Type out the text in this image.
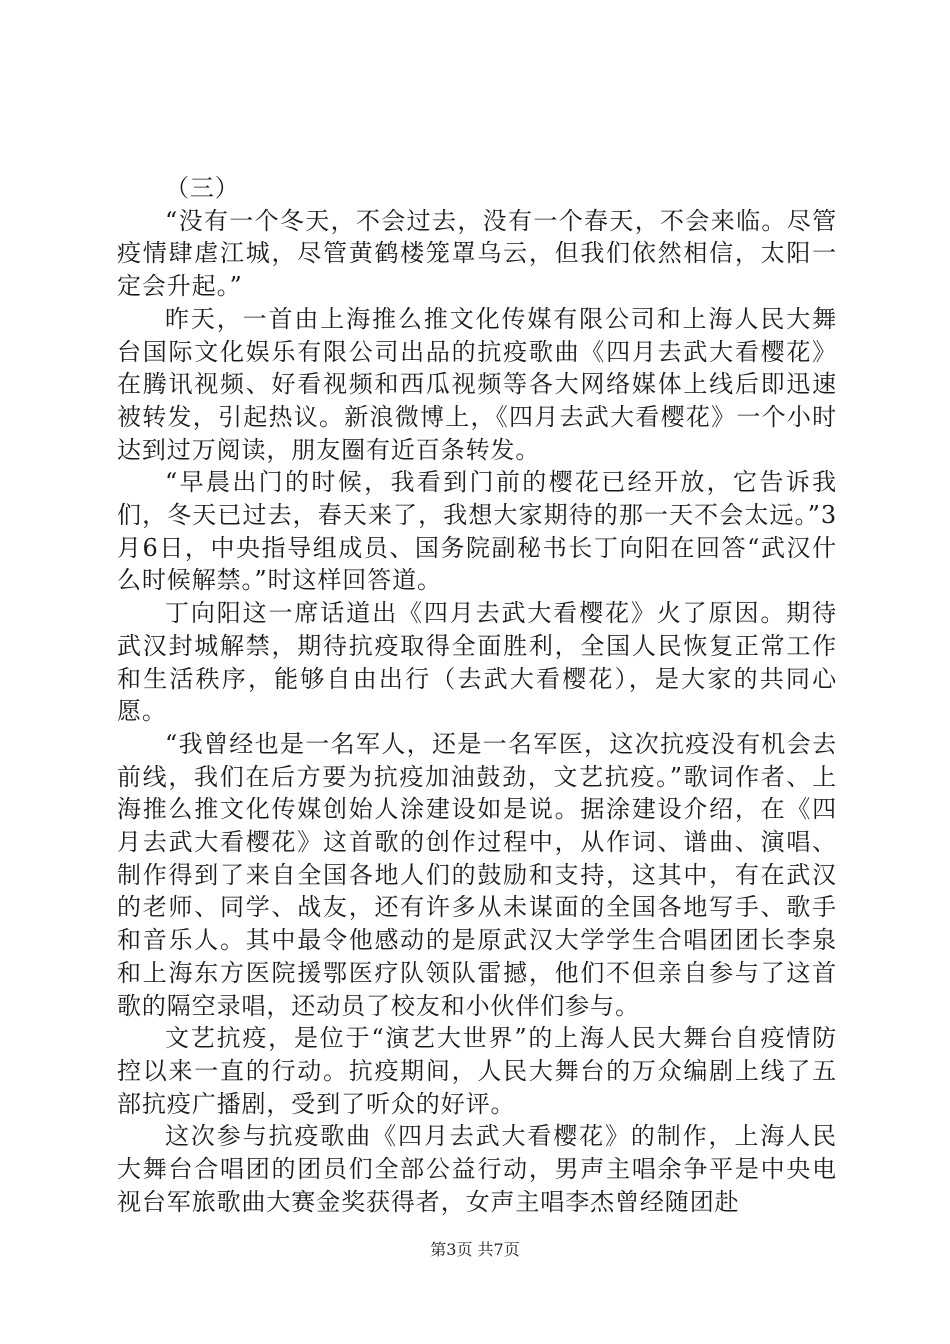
（三）

“没有一个冬天，不会过去，没有一个春天，不会来临。尽管疫情肆虐江城，尽管黄鹤楼笼罩乌云，但我们依然相信，太阳一定会升起。”

昨天，一首由上海推么推文化传媒有限公司和上海人民大舞台国际文化娱乐有限公司出品的抗疫歌曲《四月去武大看樱花》在腾讯视频、好看视频和西瓜视频等各大网络媒体上线后即迅速被转发，引起热议。新浪微博上，《四月去武大看樱花》一个小时达到过万阅读，朋友圈有近百条转发。

“早晨出门的时候，我看到门前的樱花已经开放，它告诉我们，冬天已过去，春天来了，我想大家期待的那一天不会太远。”3月6日，中央指导组成员、国务院副秘书长丁向阳在回答“武汉什么时候解禁。”时这样回答道。

丁向阳这一席话道出《四月去武大看樱花》火了原因。期待武汉封城解禁，期待抗疫取得全面胜利，全国人民恢复正常工作和生活秩序，能够自由出行（去武大看樱花），是大家的共同心愿。

“我曾经也是一名军人，还是一名军医，这次抗疫没有机会去前线，我们在后方要为抗疫加油鼓劲，文艺抗疫。”歌词作者、上海推么推文化传媒创始人涂建设如是说。据涂建设介绍，在《四月去武大看樱花》这首歌的创作过程中，从作词、谱曲、演唱、制作得到了来自全国各地人们的鼓励和支持，这其中，有在武汉的老师、同学、战友，还有许多从未谋面的全国各地写手、歌手和音乐人。其中最令他感动的是原武汉大学学生合唱团团长李泉和上海东方医院援鄂医疗队领队雷撼，他们不但亲自参与了这首歌的隔空录唱，还动员了校友和小伙伴们参与。

文艺抗疫，是位于“演艺大世界”的上海人民大舞台自疫情防控以来一直的行动。抗疫期间，人民大舞台的万众编剧上线了五部抗疫广播剧，受到了听众的好评。

这次参与抗疫歌曲《四月去武大看樱花》的制作，上海人民大舞台合唱团的团员们全部公益行动，男声主唱余争平是中央电视台军旅歌曲大赛金奖获得者，女声主唱李杰曾经随团赴

第3页 共7页
